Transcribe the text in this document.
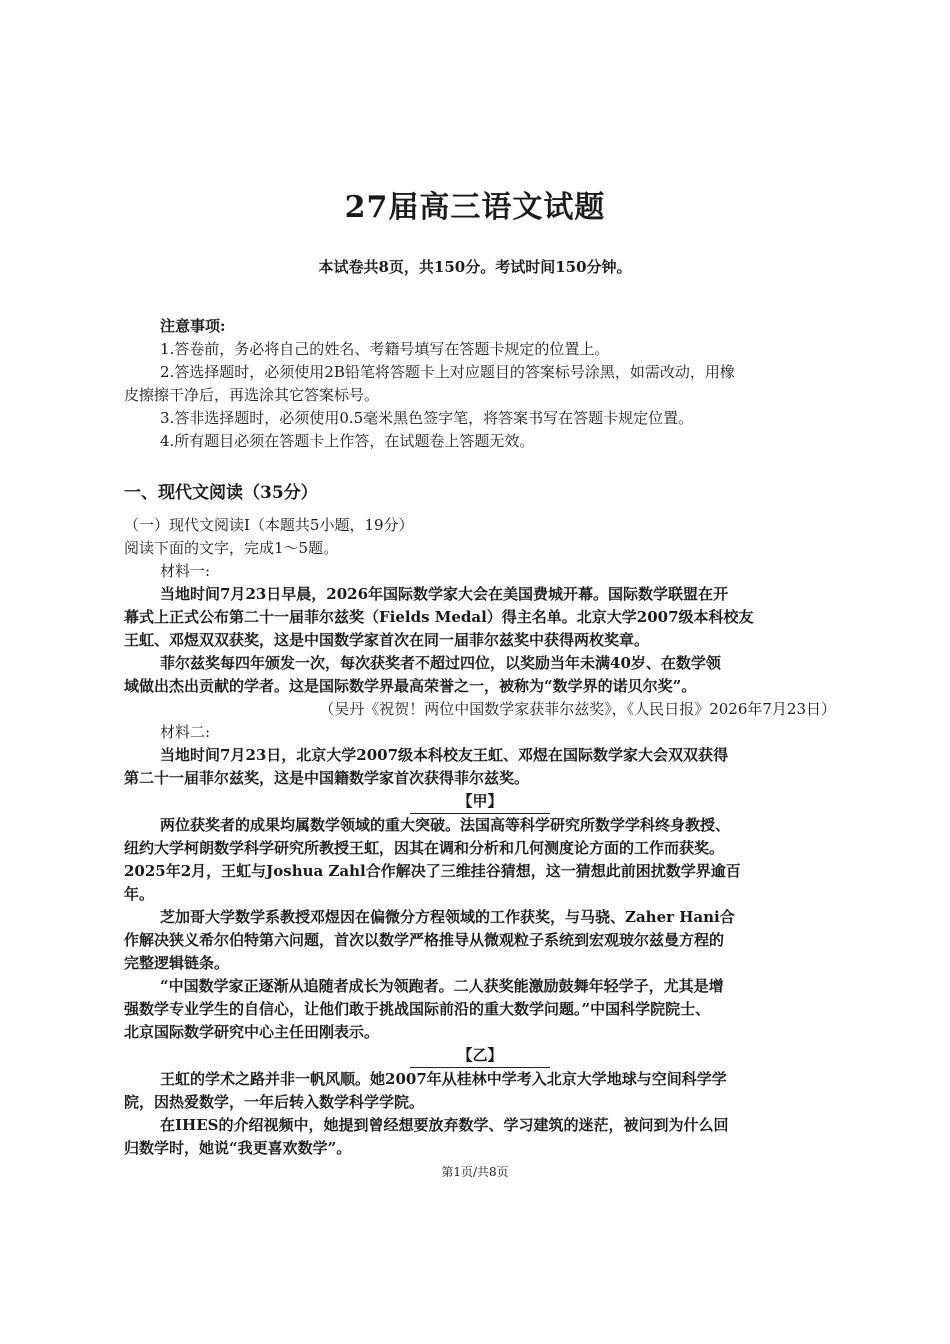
27届高三语文试题
本试卷共8页，共150分。考试时间150分钟。
注意事项:
1.答卷前，务必将自己的姓名、考籍号填写在答题卡规定的位置上。
2.答选择题时，必须使用2B铅笔将答题卡上对应题目的答案标号涂黑，如需改动，用橡
皮擦擦干净后，再选涂其它答案标号。
3.答非选择题时，必须使用0.5毫米黑色签字笔，将答案书写在答题卡规定位置。
4.所有题目必须在答题卡上作答，在试题卷上答题无效。
一、现代文阅读（35分）
（一）现代文阅读Ⅰ（本题共5小题，19分）
阅读下面的文字，完成1～5题。
材料一:
当地时间7月23日早晨，2026年国际数学家大会在美国费城开幕。国际数学联盟在开
幕式上正式公布第二十一届菲尔兹奖（Fields Medal）得主名单。北京大学2007级本科校友
王虹、邓煜双双获奖，这是中国数学家首次在同一届菲尔兹奖中获得两枚奖章。
菲尔兹奖每四年颁发一次，每次获奖者不超过四位，以奖励当年未满40岁、在数学领
域做出杰出贡献的学者。这是国际数学界最高荣誉之一，被称为“数学界的诺贝尔奖”。
（吴丹《祝贺！两位中国数学家获菲尔兹奖》，《人民日报》2026年7月23日）
材料二:
当地时间7月23日，北京大学2007级本科校友王虹、邓煜在国际数学家大会双双获得
第二十一届菲尔兹奖，这是中国籍数学家首次获得菲尔兹奖。
【甲】
两位获奖者的成果均属数学领域的重大突破。法国高等科学研究所数学学科终身教授、
纽约大学柯朗数学科学研究所教授王虹，因其在调和分析和几何测度论方面的工作而获奖。
2025年2月，王虹与Joshua Zahl合作解决了三维挂谷猜想，这一猜想此前困扰数学界逾百
年。
芝加哥大学数学系教授邓煜因在偏微分方程领域的工作获奖，与马骁、Zaher Hani合
作解决狭义希尔伯特第六问题，首次以数学严格推导从微观粒子系统到宏观玻尔兹曼方程的
完整逻辑链条。
“中国数学家正逐渐从追随者成长为领跑者。二人获奖能激励鼓舞年轻学子，尤其是增
强数学专业学生的自信心，让他们敢于挑战国际前沿的重大数学问题。”中国科学院院士、
北京国际数学研究中心主任田刚表示。
【乙】
王虹的学术之路并非一帆风顺。她2007年从桂林中学考入北京大学地球与空间科学学
院，因热爱数学，一年后转入数学科学学院。
在IHES的介绍视频中，她提到曾经想要放弃数学、学习建筑的迷茫，被问到为什么回
归数学时，她说“我更喜欢数学”。
第1页/共8页
